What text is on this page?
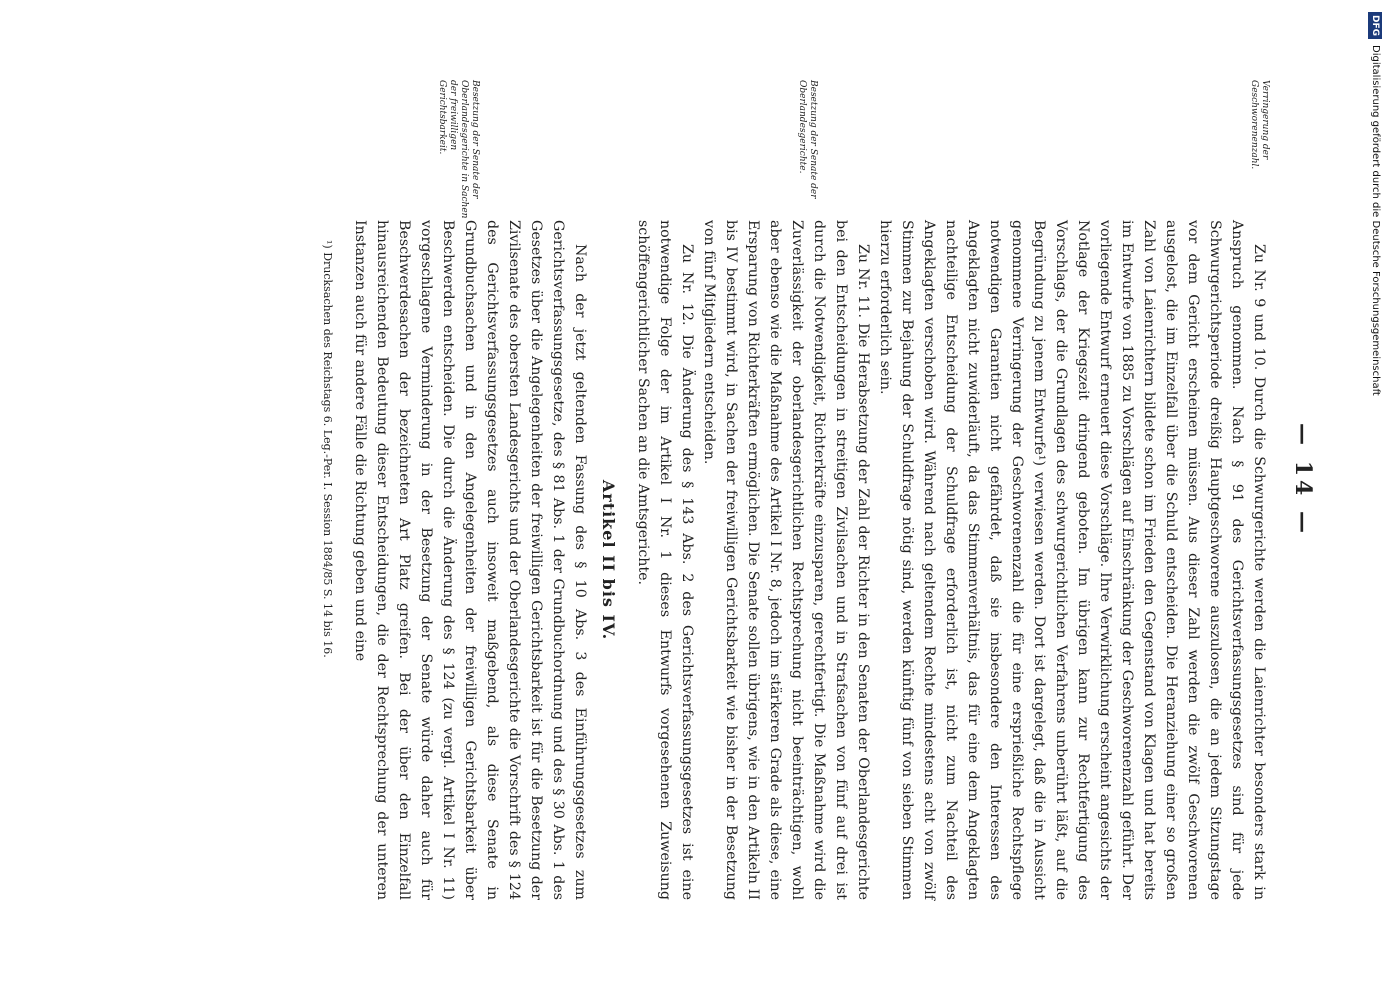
— 14 —
Verringerung der Geschworenenzahl.
Besetzung der Senate der Oberlandesgerichte.
Besetzung der Senate der Oberlandesgerichte in Sachen der freiwilligen Gerichtsbarkeit.

Zu Nr. 9 und 10. Durch die Schwurgerichte werden die Laienrichter besonders stark in Anspruch genommen. Nach § 91 des Gerichtsverfassungsgesetzes sind für jede Schwurgerichtsperiode dreißig Hauptgeschworene auszulosen, die an jedem Sitzungstage vor dem Gericht erscheinen müssen. Aus dieser Zahl werden die zwölf Geschworenen ausgelost, die im Einzelfall über die Schuld entscheiden. Die Heranziehung einer so großen Zahl von Laienrichtern bildete schon im Frieden den Gegenstand von Klagen und hat bereits im Entwurfe von 1885 zu Vorschlägen auf Einschränkung der Geschworenenzahl geführt. Der vorliegende Entwurf erneuert diese Vorschläge. Ihre Verwirklichung erscheint angesichts der Notlage der Kriegszeit dringend geboten. Im übrigen kann zur Rechtfertigung des Vorschlags, der die Grundlagen des schwurgerichtlichen Verfahrens unberührt läßt, auf die Begründung zu jenem Entwurfe¹) verwiesen werden. Dort ist dargelegt, daß die in Aussicht genommene Verringerung der Geschworenenzahl die für eine ersprießliche Rechtspflege notwendigen Garantien nicht gefährdet, daß sie insbesondere den Interessen des Angeklagten nicht zuwiderläuft, da das Stimmenverhältnis, das für eine dem Angeklagten nachteilige Entscheidung der Schuldfrage erforderlich ist, nicht zum Nachteil des Angeklagten verschoben wird. Während nach geltendem Rechte mindestens acht von zwölf Stimmen zur Bejahung der Schuldfrage nötig sind, werden künftig fünf von sieben Stimmen hierzu erforderlich sein.

Zu Nr. 11. Die Herabsetzung der Zahl der Richter in den Senaten der Oberlandesgerichte bei den Entscheidungen in streitigen Zivilsachen und in Strafsachen von fünf auf drei ist durch die Notwendigkeit, Richterkräfte einzusparen, gerechtfertigt. Die Maßnahme wird die Zuverlässigkeit der oberlandesgerichtlichen Rechtsprechung nicht beeinträchtigen, wohl aber ebenso wie die Maßnahme des Artikel I Nr. 8, jedoch im stärkeren Grade als diese, eine Ersparung von Richterkräften ermöglichen. Die Senate sollen übrigens, wie in den Artikeln II bis IV bestimmt wird, in Sachen der freiwilligen Gerichtsbarkeit wie bisher in der Besetzung von fünf Mitgliedern entscheiden.

Zu Nr. 12. Die Änderung des § 143 Abs. 2 des Gerichtsverfassungsgesetzes ist eine notwendige Folge der im Artikel I Nr. 1 dieses Entwurfs vorgesehenen Zuweisung schöffengerichtlicher Sachen an die Amtsgerichte.

Artikel II bis IV.

Nach der jetzt geltenden Fassung des § 10 Abs. 3 des Einführungsgesetzes zum Gerichtsverfassungsgesetze, des § 81 Abs. 1 der Grundbuchordnung und des § 30 Abs. 1 des Gesetzes über die Angelegenheiten der freiwilligen Gerichtsbarkeit ist für die Besetzung der Zivilsenate des obersten Landesgerichts und der Oberlandesgerichte die Vorschrift des § 124 des Gerichtsverfassungsgesetzes auch insoweit maßgebend, als diese Senate in Grundbuchsachen und in den Angelegenheiten der freiwilligen Gerichtsbarkeit über Beschwerden entscheiden. Die durch die Änderung des § 124 (zu vergl. Artikel I Nr. 11) vorgeschlagene Verminderung in der Besetzung der Senate würde daher auch für Beschwerdesachen der bezeichneten Art Platz greifen. Bei der über den Einzelfall hinausreichenden Bedeutung dieser Entscheidungen, die der Rechtsprechung der unteren Instanzen auch für andere Fälle die Richtung geben und eine

¹) Drucksachen des Reichstags 6. Leg.-Per. I. Session 1884/85 S. 14 bis 16.
DFGDigitalisierung gefördert durch die Deutsche Forschungsgemeinschaft
